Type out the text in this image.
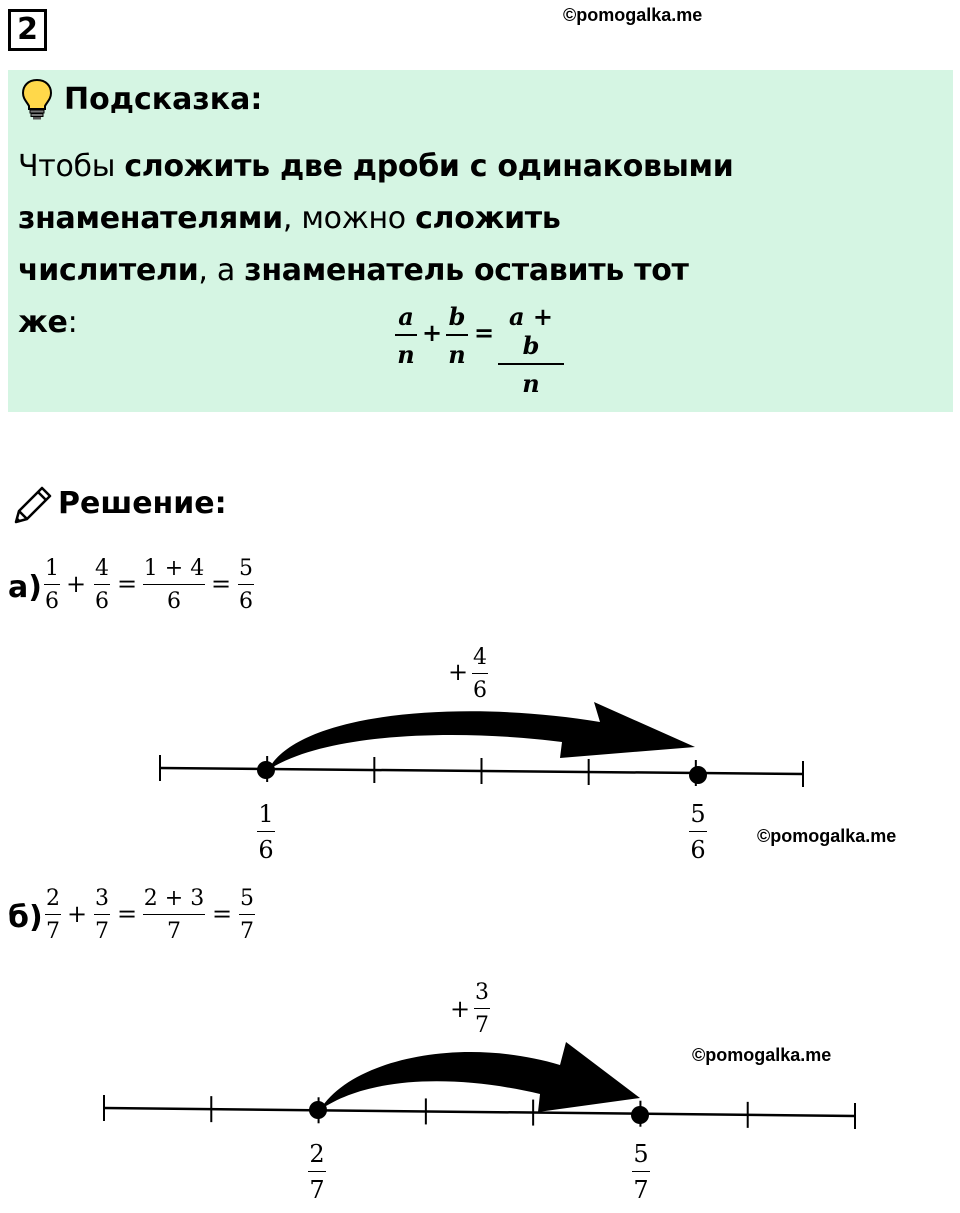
2	©pomogalka.me
Подсказка:
Чтобы сложить две дроби с одинаковыми знаменателями, можно сложить числители, а знаменатель оставить тот же:	a
n
+
b
n
=
a + b
n
Решение:
а)
1
6
+
4
6
=
1 + 4
6
=
5
6
+
4
6
1
6
5
6	©pomogalka.me
б)
2
7
+
3
7
=
2 + 3
7
=
5
7
+
3
7
2
7
5
7
©pomogalka.me
